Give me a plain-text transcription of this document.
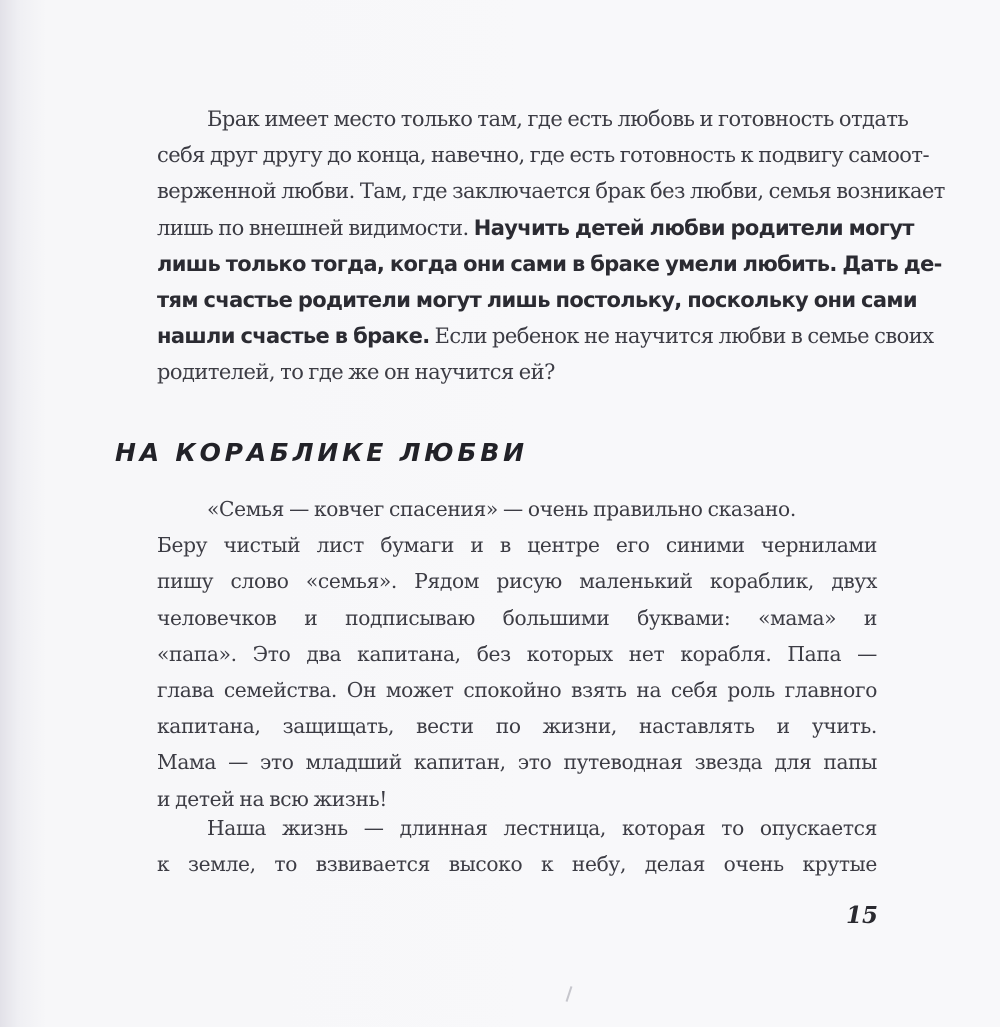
Брак имеет место только там, где есть любовь и готовность отдать
себя друг другу до конца, навечно, где есть готовность к подвигу самоот-
верженной любви. Там, где заключается брак без любви, семья возникает
лишь по внешней видимости. Научить детей любви родители могут
лишь только тогда, когда они сами в браке умели любить. Дать де-
тям счастье родители могут лишь постольку, поскольку они сами
нашли счастье в браке. Если ребенок не научится любви в семье своих
родителей, то где же он научится ей?
НА КОРАБЛИКЕ ЛЮБВИ
«Семья — ковчег спасения» — очень правильно сказано.
Беру чистый лист бумаги и в центре его синими чернилами
пишу слово «семья». Рядом рисую маленький кораблик, двух
человечков и подписываю большими буквами: «мама» и
«папа». Это два капитана, без которых нет корабля. Папа —
глава семейства. Он может спокойно взять на себя роль главного
капитана, защищать, вести по жизни, наставлять и учить.
Мама — это младший капитан, это путеводная звезда для папы
и детей на всю жизнь!
Наша жизнь — длинная лестница, которая то опускается
к земле, то взвивается высоко к небу, делая очень крутые
15
